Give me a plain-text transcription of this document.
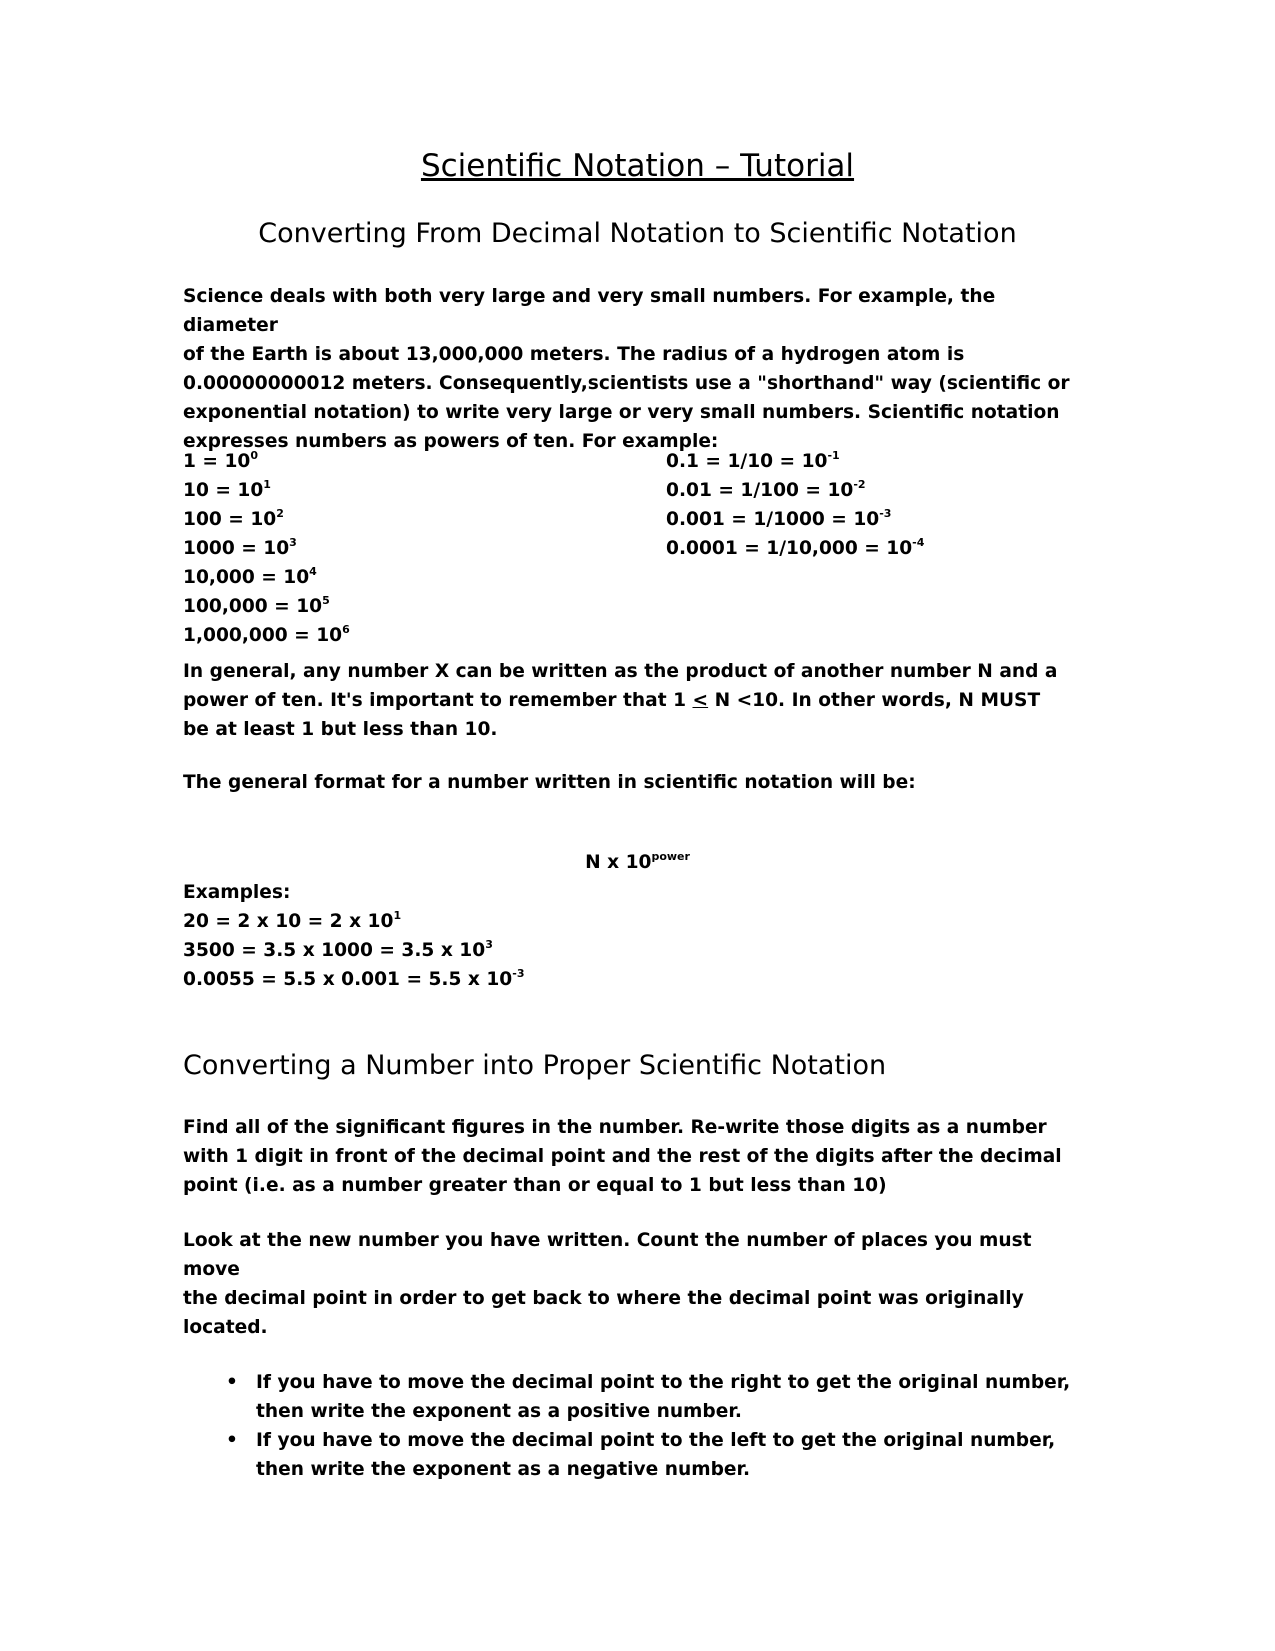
Scientific Notation – Tutorial
Converting From Decimal Notation to Scientific Notation
Science deals with both very large and very small numbers. For example, the diameter
of the Earth is about 13,000,000 meters. The radius of a hydrogen atom is
0.00000000012 meters. Consequently,scientists use a "shorthand" way (scientific or
exponential notation) to write very large or very small numbers. Scientific notation
expresses numbers as powers of ten. For example:
$1 = 10^0$
$10 = 10^1$
$100 = 10^2$
$1000 = 10^3$
$10,000 = 10^4$
$100,000 = 10^5$
$1,000,000 = 10^6$
$0.1 = 1/10 = 10^{-1}$
$0.01 = 1/100 = 10^{-2}$
$0.001 = 1/1000 = 10^{-3}$
$0.0001 = 1/10,000 = 10^{-4}$
In general, any number X can be written as the product of another number N and a
power of ten. It's important to remember that 1 ≤ N <10. In other words, N MUST
be at least 1 but less than 10.
The general format for a number written in scientific notation will be:
N x $10^{power}$
Examples:
20 = 2 x 10 = 2 x $10^1$
3500 = 3.5 x 1000 = 3.5 x $10^3$
0.0055 = 5.5 x 0.001 = 5.5 x $10^{-3}$
Converting a Number into Proper Scientific Notation
Find all of the significant figures in the number. Re-write those digits as a number
with 1 digit in front of the decimal point and the rest of the digits after the decimal
point (i.e. as a number greater than or equal to 1 but less than 10)
Look at the new number you have written. Count the number of places you must move
the decimal point in order to get back to where the decimal point was originally
located.
• If you have to move the decimal point to the right to get the original number,
then write the exponent as a positive number.
• If you have to move the decimal point to the left to get the original number,
then write the exponent as a negative number.
